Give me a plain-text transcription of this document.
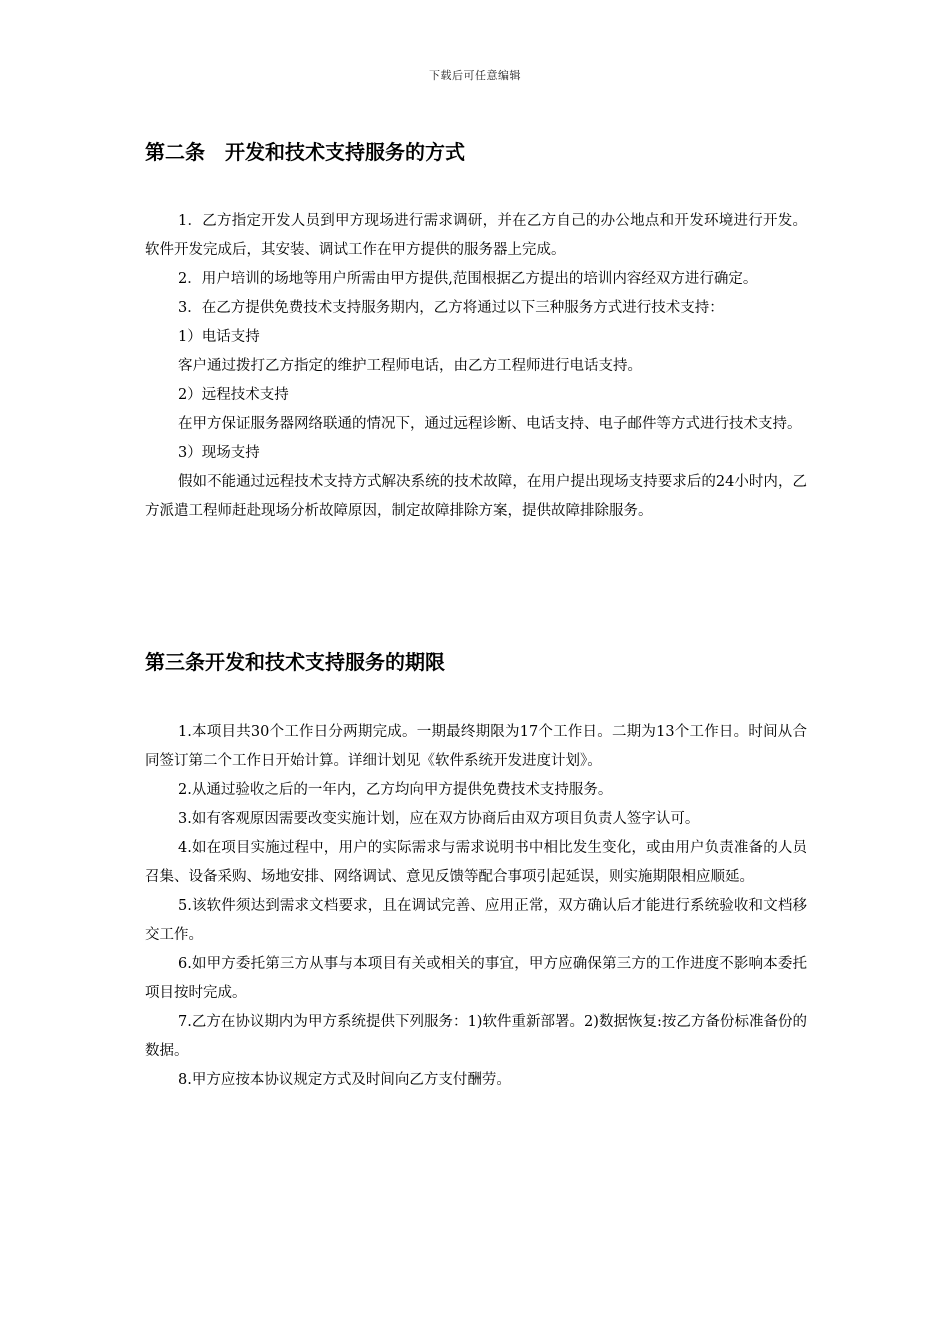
下载后可任意编辑
第二条　开发和技术支持服务的方式

1．乙方指定开发人员到甲方现场进行需求调研，并在乙方自己的办公地点和开发环境进行开发。软件开发完成后，其安装、调试工作在甲方提供的服务器上完成。

2．用户培训的场地等用户所需由甲方提供,范围根据乙方提出的培训内容经双方进行确定。

3．在乙方提供免费技术支持服务期内，乙方将通过以下三种服务方式进行技术支持：

1）电话支持

客户通过拨打乙方指定的维护工程师电话，由乙方工程师进行电话支持。

2）远程技术支持

在甲方保证服务器网络联通的情况下，通过远程诊断、电话支持、电子邮件等方式进行技术支持。

3）现场支持

假如不能通过远程技术支持方式解决系统的技术故障，在用户提出现场支持要求后的24小时内，乙方派遣工程师赶赴现场分析故障原因，制定故障排除方案，提供故障排除服务。

第三条开发和技术支持服务的期限

1.本项目共30个工作日分两期完成。一期最终期限为17个工作日。二期为13个工作日。时间从合同签订第二个工作日开始计算。详细计划见《软件系统开发进度计划》。

2.从通过验收之后的一年内，乙方均向甲方提供免费技术支持服务。

3.如有客观原因需要改变实施计划，应在双方协商后由双方项目负责人签字认可。

4.如在项目实施过程中，用户的实际需求与需求说明书中相比发生变化，或由用户负责准备的人员召集、设备采购、场地安排、网络调试、意见反馈等配合事项引起延误，则实施期限相应顺延。

5.该软件须达到需求文档要求，且在调试完善、应用正常，双方确认后才能进行系统验收和文档移交工作。

6.如甲方委托第三方从事与本项目有关或相关的事宜，甲方应确保第三方的工作进度不影响本委托项目按时完成。

7.乙方在协议期内为甲方系统提供下列服务：1)软件重新部署。2)数据恢复:按乙方备份标准备份的数据。

8.甲方应按本协议规定方式及时间向乙方支付酬劳。
